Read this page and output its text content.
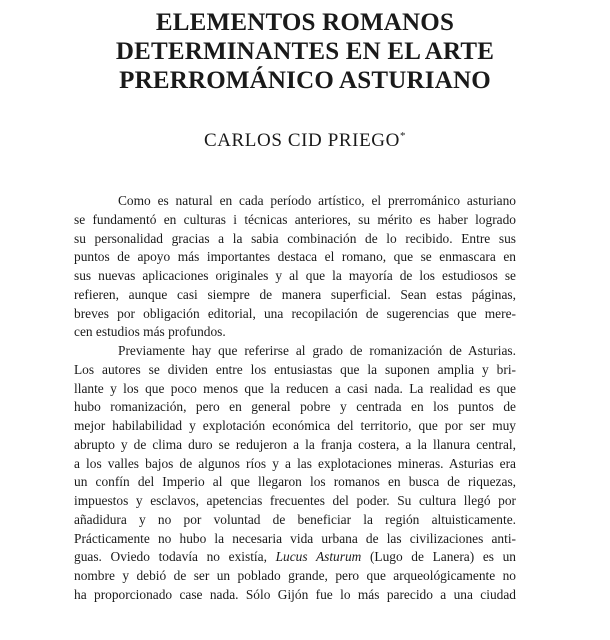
ELEMENTOS ROMANOS
DETERMINANTES EN EL ARTE
PRERROMÁNICO ASTURIANO
CARLOS CID PRIEGO*

Como es natural en cada período artístico, el prerrománico asturiano

se fundamentó en culturas i técnicas anteriores, su mérito es haber logrado

su personalidad gracias a la sabia combinación de lo recibido. Entre sus

puntos de apoyo más importantes destaca el romano, que se enmascara en

sus nuevas aplicaciones originales y al que la mayoría de los estudiosos se

refieren, aunque casi siempre de manera superficial. Sean estas páginas,

breves por obligación editorial, una recopilación de sugerencias que mere-

cen estudios más profundos.

Previamente hay que referirse al grado de romanización de Asturias.

Los autores se dividen entre los entusiastas que la suponen amplia y bri-

llante y los que poco menos que la reducen a casi nada. La realidad es que

hubo romanización, pero en general pobre y centrada en los puntos de

mejor habilabilidad y explotación económica del territorio, que por ser muy

abrupto y de clima duro se redujeron a la franja costera, a la llanura central,

a los valles bajos de algunos ríos y a las explotaciones mineras. Asturias era

un confín del Imperio al que llegaron los romanos en busca de riquezas,

impuestos y esclavos, apetencias frecuentes del poder. Su cultura llegó por

añadidura y no por voluntad de beneficiar la región altuisticamente.

Prácticamente no hubo la necesaria vida urbana de las civilizaciones anti-

guas. Oviedo todavía no existía, Lucus Asturum (Lugo de Lanera) es un

nombre y debió de ser un poblado grande, pero que arqueológicamente no

ha proporcionado case nada. Sólo Gijón fue lo más parecido a una ciudad
